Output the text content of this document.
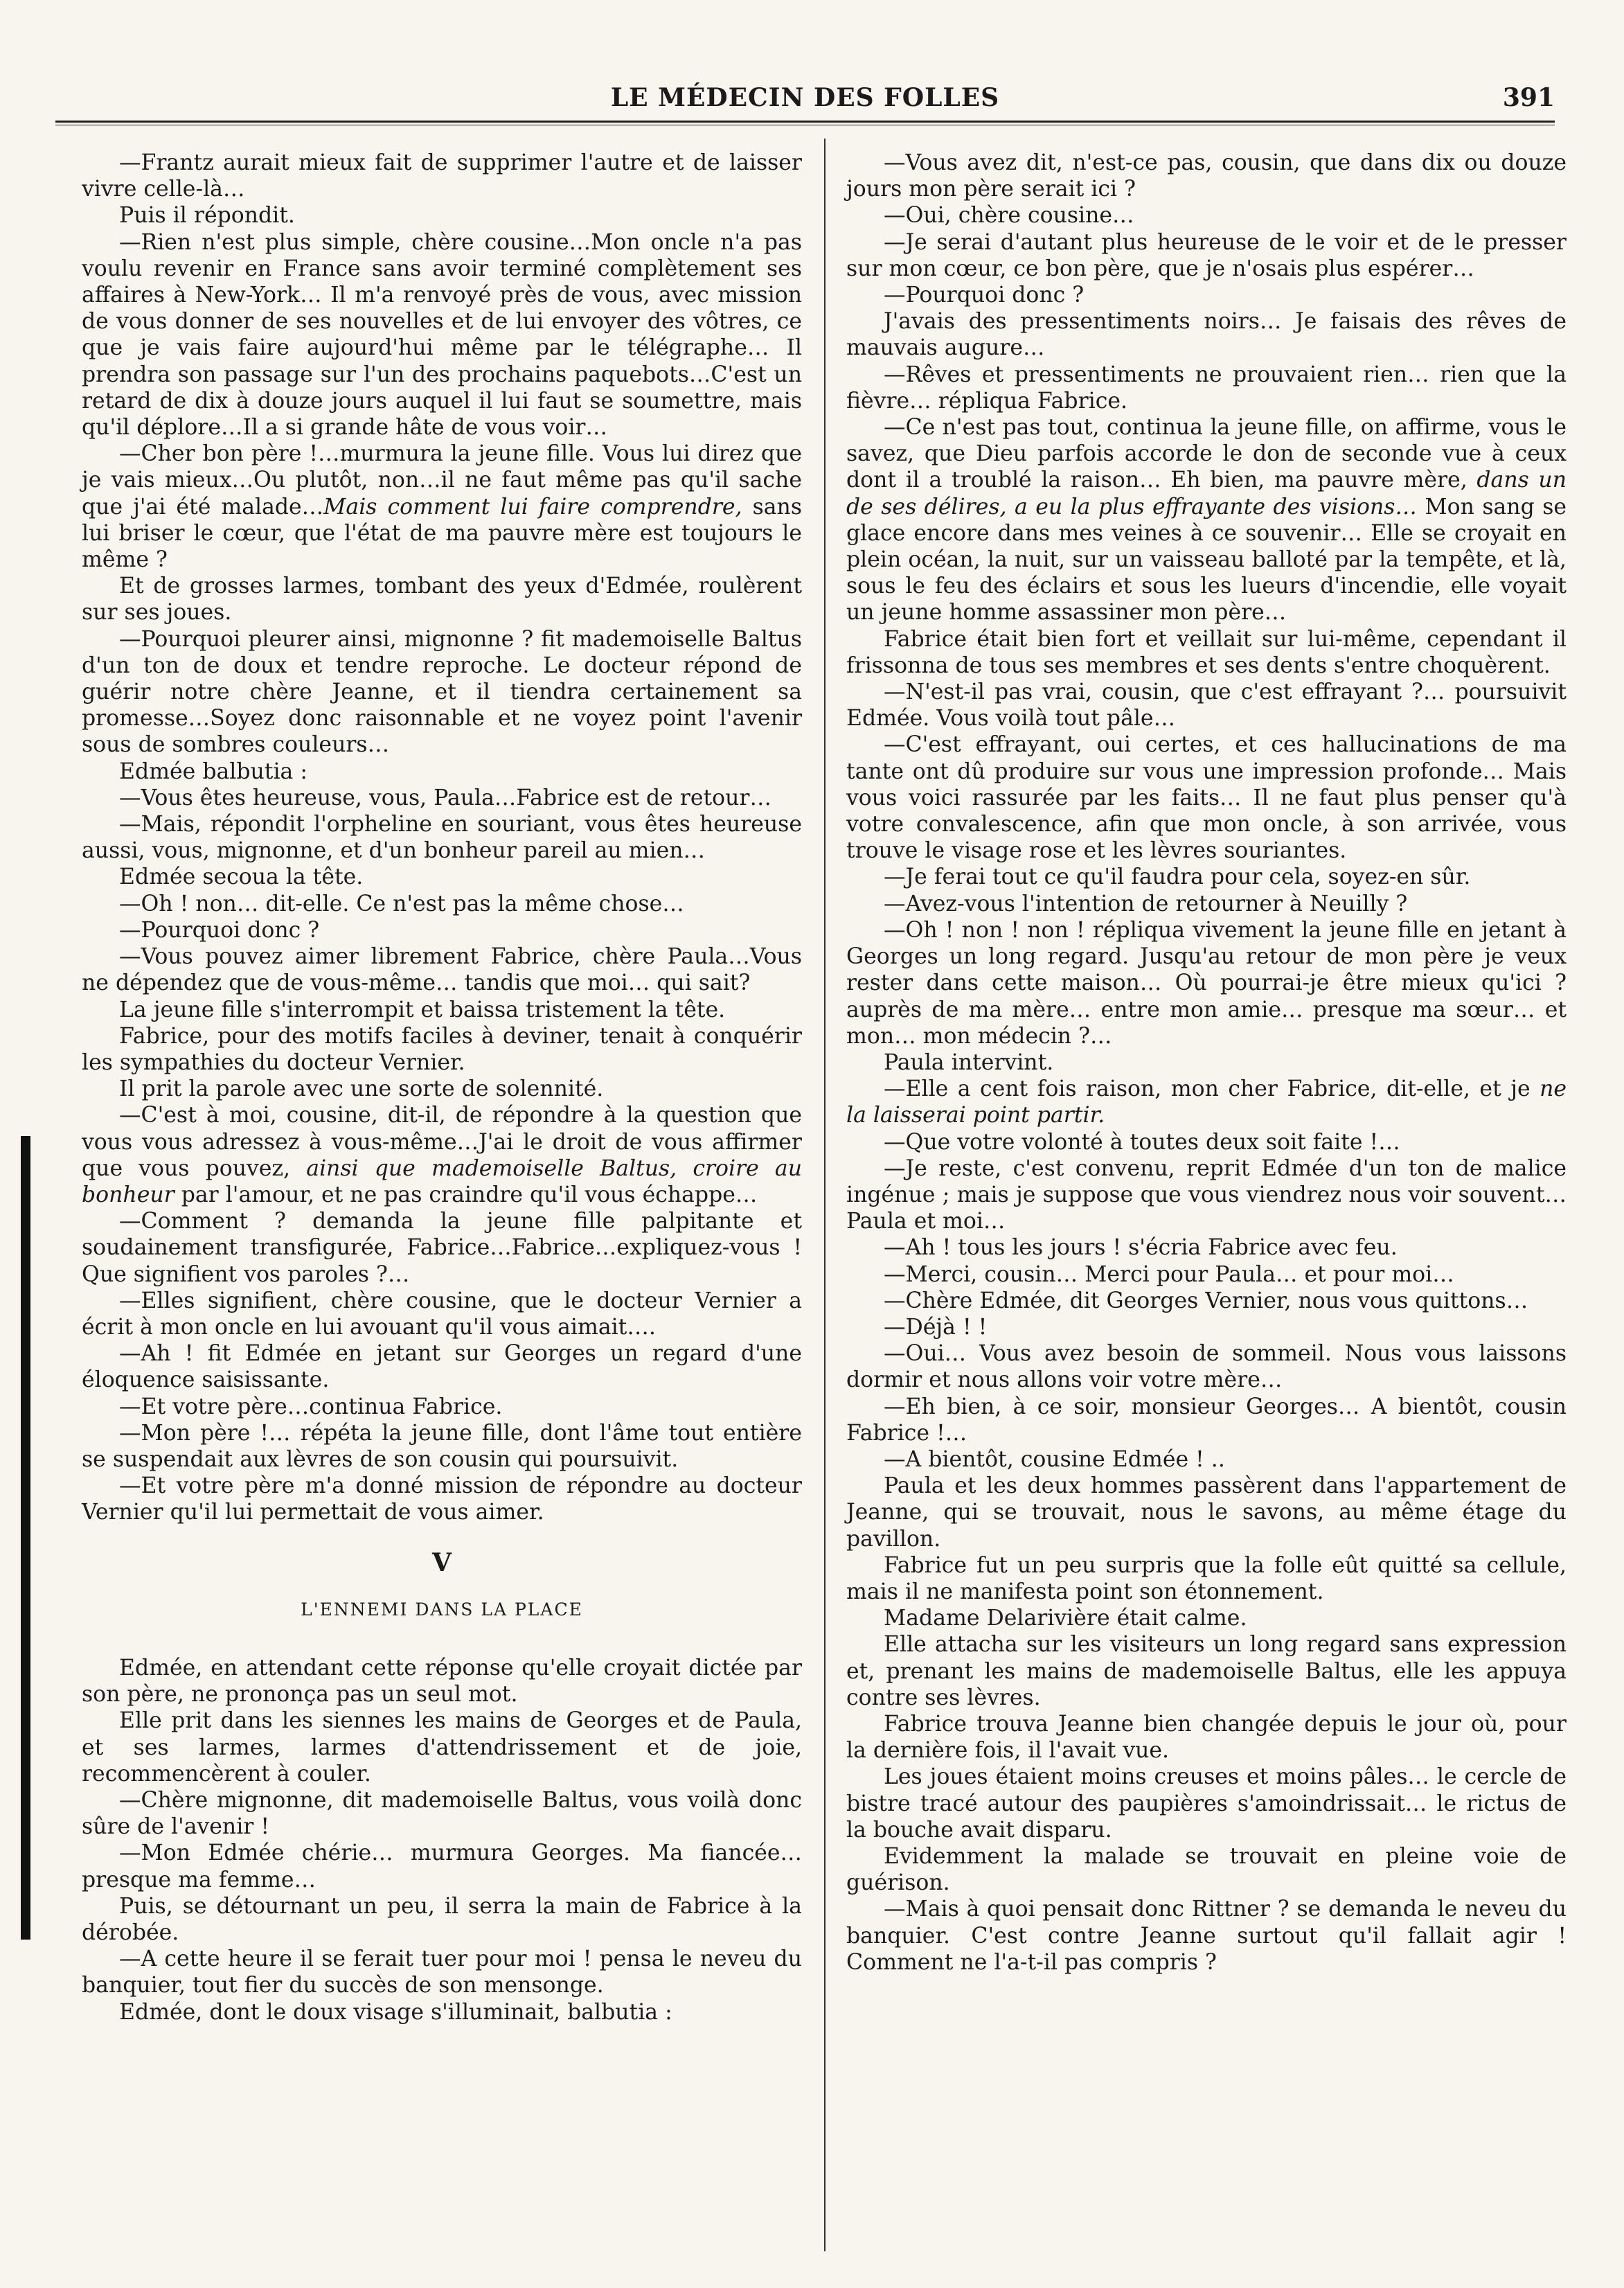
LE MÉDECIN DES FOLLES	391

—Frantz aurait mieux fait de supprimer l'autre et de laisser vivre celle-là…

Puis il répondit.

—Rien n'est plus simple, chère cousine…Mon oncle n'a pas voulu revenir en France sans avoir terminé complètement ses affaires à New-York… Il m'a renvoyé près de vous, avec mission de vous donner de ses nouvelles et de lui envoyer des vôtres, ce que je vais faire aujourd'hui même par le télégraphe… Il prendra son passage sur l'un des prochains paquebots…C'est un retard de dix à douze jours auquel il lui faut se soumettre, mais qu'il déplore…Il a si grande hâte de vous voir…

—Cher bon père !…murmura la jeune fille. Vous lui direz que je vais mieux…Ou plutôt, non…il ne faut même pas qu'il sache que j'ai été malade…Mais comment lui faire comprendre, sans lui briser le cœur, que l'état de ma pauvre mère est toujours le même ?

Et de grosses larmes, tombant des yeux d'Edmée, roulèrent sur ses joues.

—Pourquoi pleurer ainsi, mignonne ? fit mademoiselle Baltus d'un ton de doux et tendre reproche. Le docteur répond de guérir notre chère Jeanne, et il tiendra certainement sa promesse…Soyez donc raisonnable et ne voyez point l'avenir sous de sombres couleurs…

Edmée balbutia :

—Vous êtes heureuse, vous, Paula…Fabrice est de retour…

—Mais, répondit l'orpheline en souriant, vous êtes heureuse aussi, vous, mignonne, et d'un bonheur pareil au mien…

Edmée secoua la tête.

—Oh ! non… dit-elle. Ce n'est pas la même chose…

—Pourquoi donc ?

—Vous pouvez aimer librement Fabrice, chère Paula…Vous ne dépendez que de vous-même… tandis que moi… qui sait?

La jeune fille s'interrompit et baissa tristement la tête.

Fabrice, pour des motifs faciles à deviner, tenait à conquérir les sympathies du docteur Vernier.

Il prit la parole avec une sorte de solennité.

—C'est à moi, cousine, dit-il, de répondre à la question que vous vous adressez à vous-même…J'ai le droit de vous affirmer que vous pouvez, ainsi que mademoiselle Baltus, croire au bonheur par l'amour, et ne pas craindre qu'il vous échappe…

—Comment ? demanda la jeune fille palpitante et soudainement transfigurée, Fabrice…Fabrice…expliquez-vous ! Que signifient vos paroles ?…

—Elles signifient, chère cousine, que le docteur Vernier a écrit à mon oncle en lui avouant qu'il vous aimait….

—Ah ! fit Edmée en jetant sur Georges un regard d'une éloquence saisissante.

—Et votre père…continua Fabrice.

—Mon père !… répéta la jeune fille, dont l'âme tout entière se suspendait aux lèvres de son cousin qui poursuivit.

—Et votre père m'a donné mission de répondre au docteur Vernier qu'il lui permettait de vous aimer.

V

L'ENNEMI DANS LA PLACE

Edmée, en attendant cette réponse qu'elle croyait dictée par son père, ne prononça pas un seul mot.

Elle prit dans les siennes les mains de Georges et de Paula, et ses larmes, larmes d'attendrissement et de joie, recommencèrent à couler.

—Chère mignonne, dit mademoiselle Baltus, vous voilà donc sûre de l'avenir !

—Mon Edmée chérie… murmura Georges. Ma fiancée… presque ma femme…

Puis, se détournant un peu, il serra la main de Fabrice à la dérobée.

—A cette heure il se ferait tuer pour moi ! pensa le neveu du banquier, tout fier du succès de son mensonge.

Edmée, dont le doux visage s'illuminait, balbutia :

—Vous avez dit, n'est-ce pas, cousin, que dans dix ou douze jours mon père serait ici ?

—Oui, chère cousine…

—Je serai d'autant plus heureuse de le voir et de le presser sur mon cœur, ce bon père, que je n'osais plus espérer…

—Pourquoi donc ?

J'avais des pressentiments noirs… Je faisais des rêves de mauvais augure…

—Rêves et pressentiments ne prouvaient rien… rien que la fièvre… répliqua Fabrice.

—Ce n'est pas tout, continua la jeune fille, on affirme, vous le savez, que Dieu parfois accorde le don de seconde vue à ceux dont il a troublé la raison… Eh bien, ma pauvre mère, dans un de ses délires, a eu la plus effrayante des visions… Mon sang se glace encore dans mes veines à ce souvenir… Elle se croyait en plein océan, la nuit, sur un vaisseau balloté par la tempête, et là, sous le feu des éclairs et sous les lueurs d'incendie, elle voyait un jeune homme assassiner mon père…

Fabrice était bien fort et veillait sur lui-même, cependant il frissonna de tous ses membres et ses dents s'entre choquèrent.

—N'est-il pas vrai, cousin, que c'est effrayant ?… poursuivit Edmée. Vous voilà tout pâle…

—C'est effrayant, oui certes, et ces hallucinations de ma tante ont dû produire sur vous une impression profonde… Mais vous voici rassurée par les faits… Il ne faut plus penser qu'à votre convalescence, afin que mon oncle, à son arrivée, vous trouve le visage rose et les lèvres souriantes.

—Je ferai tout ce qu'il faudra pour cela, soyez-en sûr.

—Avez-vous l'intention de retourner à Neuilly ?

—Oh ! non ! non ! répliqua vivement la jeune fille en jetant à Georges un long regard. Jusqu'au retour de mon père je veux rester dans cette maison… Où pourrai-je être mieux qu'ici ? auprès de ma mère… entre mon amie… presque ma sœur… et mon… mon médecin ?…

Paula intervint.

—Elle a cent fois raison, mon cher Fabrice, dit-elle, et je ne la laisserai point partir.

—Que votre volonté à toutes deux soit faite !…

—Je reste, c'est convenu, reprit Edmée d'un ton de malice ingénue ; mais je suppose que vous viendrez nous voir souvent… Paula et moi…

—Ah ! tous les jours ! s'écria Fabrice avec feu.

—Merci, cousin… Merci pour Paula… et pour moi…

—Chère Edmée, dit Georges Vernier, nous vous quittons…

—Déjà ! !

—Oui… Vous avez besoin de sommeil. Nous vous laissons dormir et nous allons voir votre mère…

—Eh bien, à ce soir, monsieur Georges… A bientôt, cousin Fabrice !…

—A bientôt, cousine Edmée ! ..

Paula et les deux hommes passèrent dans l'appartement de Jeanne, qui se trouvait, nous le savons, au même étage du pavillon.

Fabrice fut un peu surpris que la folle eût quitté sa cellule, mais il ne manifesta point son étonnement.

Madame Delarivière était calme.

Elle attacha sur les visiteurs un long regard sans expression et, prenant les mains de mademoiselle Baltus, elle les appuya contre ses lèvres.

Fabrice trouva Jeanne bien changée depuis le jour où, pour la dernière fois, il l'avait vue.

Les joues étaient moins creuses et moins pâles… le cercle de bistre tracé autour des paupières s'amoindrissait… le rictus de la bouche avait disparu.

Evidemment la malade se trouvait en pleine voie de guérison.

—Mais à quoi pensait donc Rittner ? se demanda le neveu du banquier. C'est contre Jeanne surtout qu'il fallait agir ! Comment ne l'a-t-il pas compris ?
